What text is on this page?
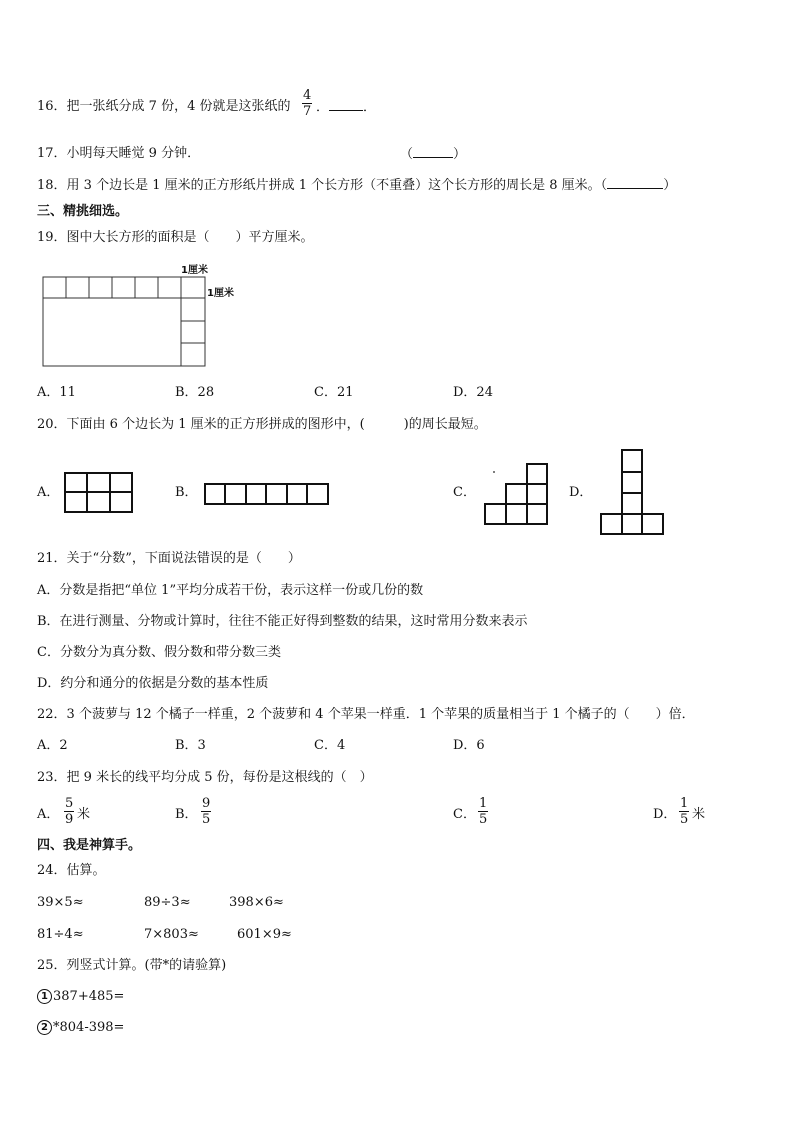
16．把一张纸分成 7 份，4 份就是这张纸的
4
7 ．	．
17．小明每天睡觉 9 分钟．	（	）
18．用 3 个边长是 1 厘米的正方形纸片拼成 1 个长方形（不重叠）这个长方形的周长是 8 厘米。（	）
三、精挑细选。
19．图中大长方形的面积是（　　）平方厘米。
1厘米
1厘米
A．11	B．28	C．21	D．24
20．下面由 6 个边长为 1 厘米的正方形拼成的图形中，(　　　)的周长最短。
A．	B．	C．	D．
21．关于“分数”，下面说法错误的是（　　）
A．分数是指把“单位 1”平均分成若干份，表示这样一份或几份的数
B．在进行测量、分物或计算时，往往不能正好得到整数的结果，这时常用分数来表示
C．分数分为真分数、假分数和带分数三类
D．约分和通分的依据是分数的基本性质
22．3 个菠萝与 12 个橘子一样重，2 个菠萝和 4 个苹果一样重．1 个苹果的质量相当于 1 个橘子的（　　）倍．
A．2	B．3	C．4	D．6
23．把 9 米长的线平均分成 5 份，每份是这根线的（　）
A．
5
9 米	B．
9
5	C．
1
5	D．
1
5 米
四、我是神算手。
24．估算。
39×5≈	89÷3≈	398×6≈
81÷4≈	7×803≈	601×9≈
25．列竖式计算。(带*的请验算)
1 387+485=
2 *804-398=
